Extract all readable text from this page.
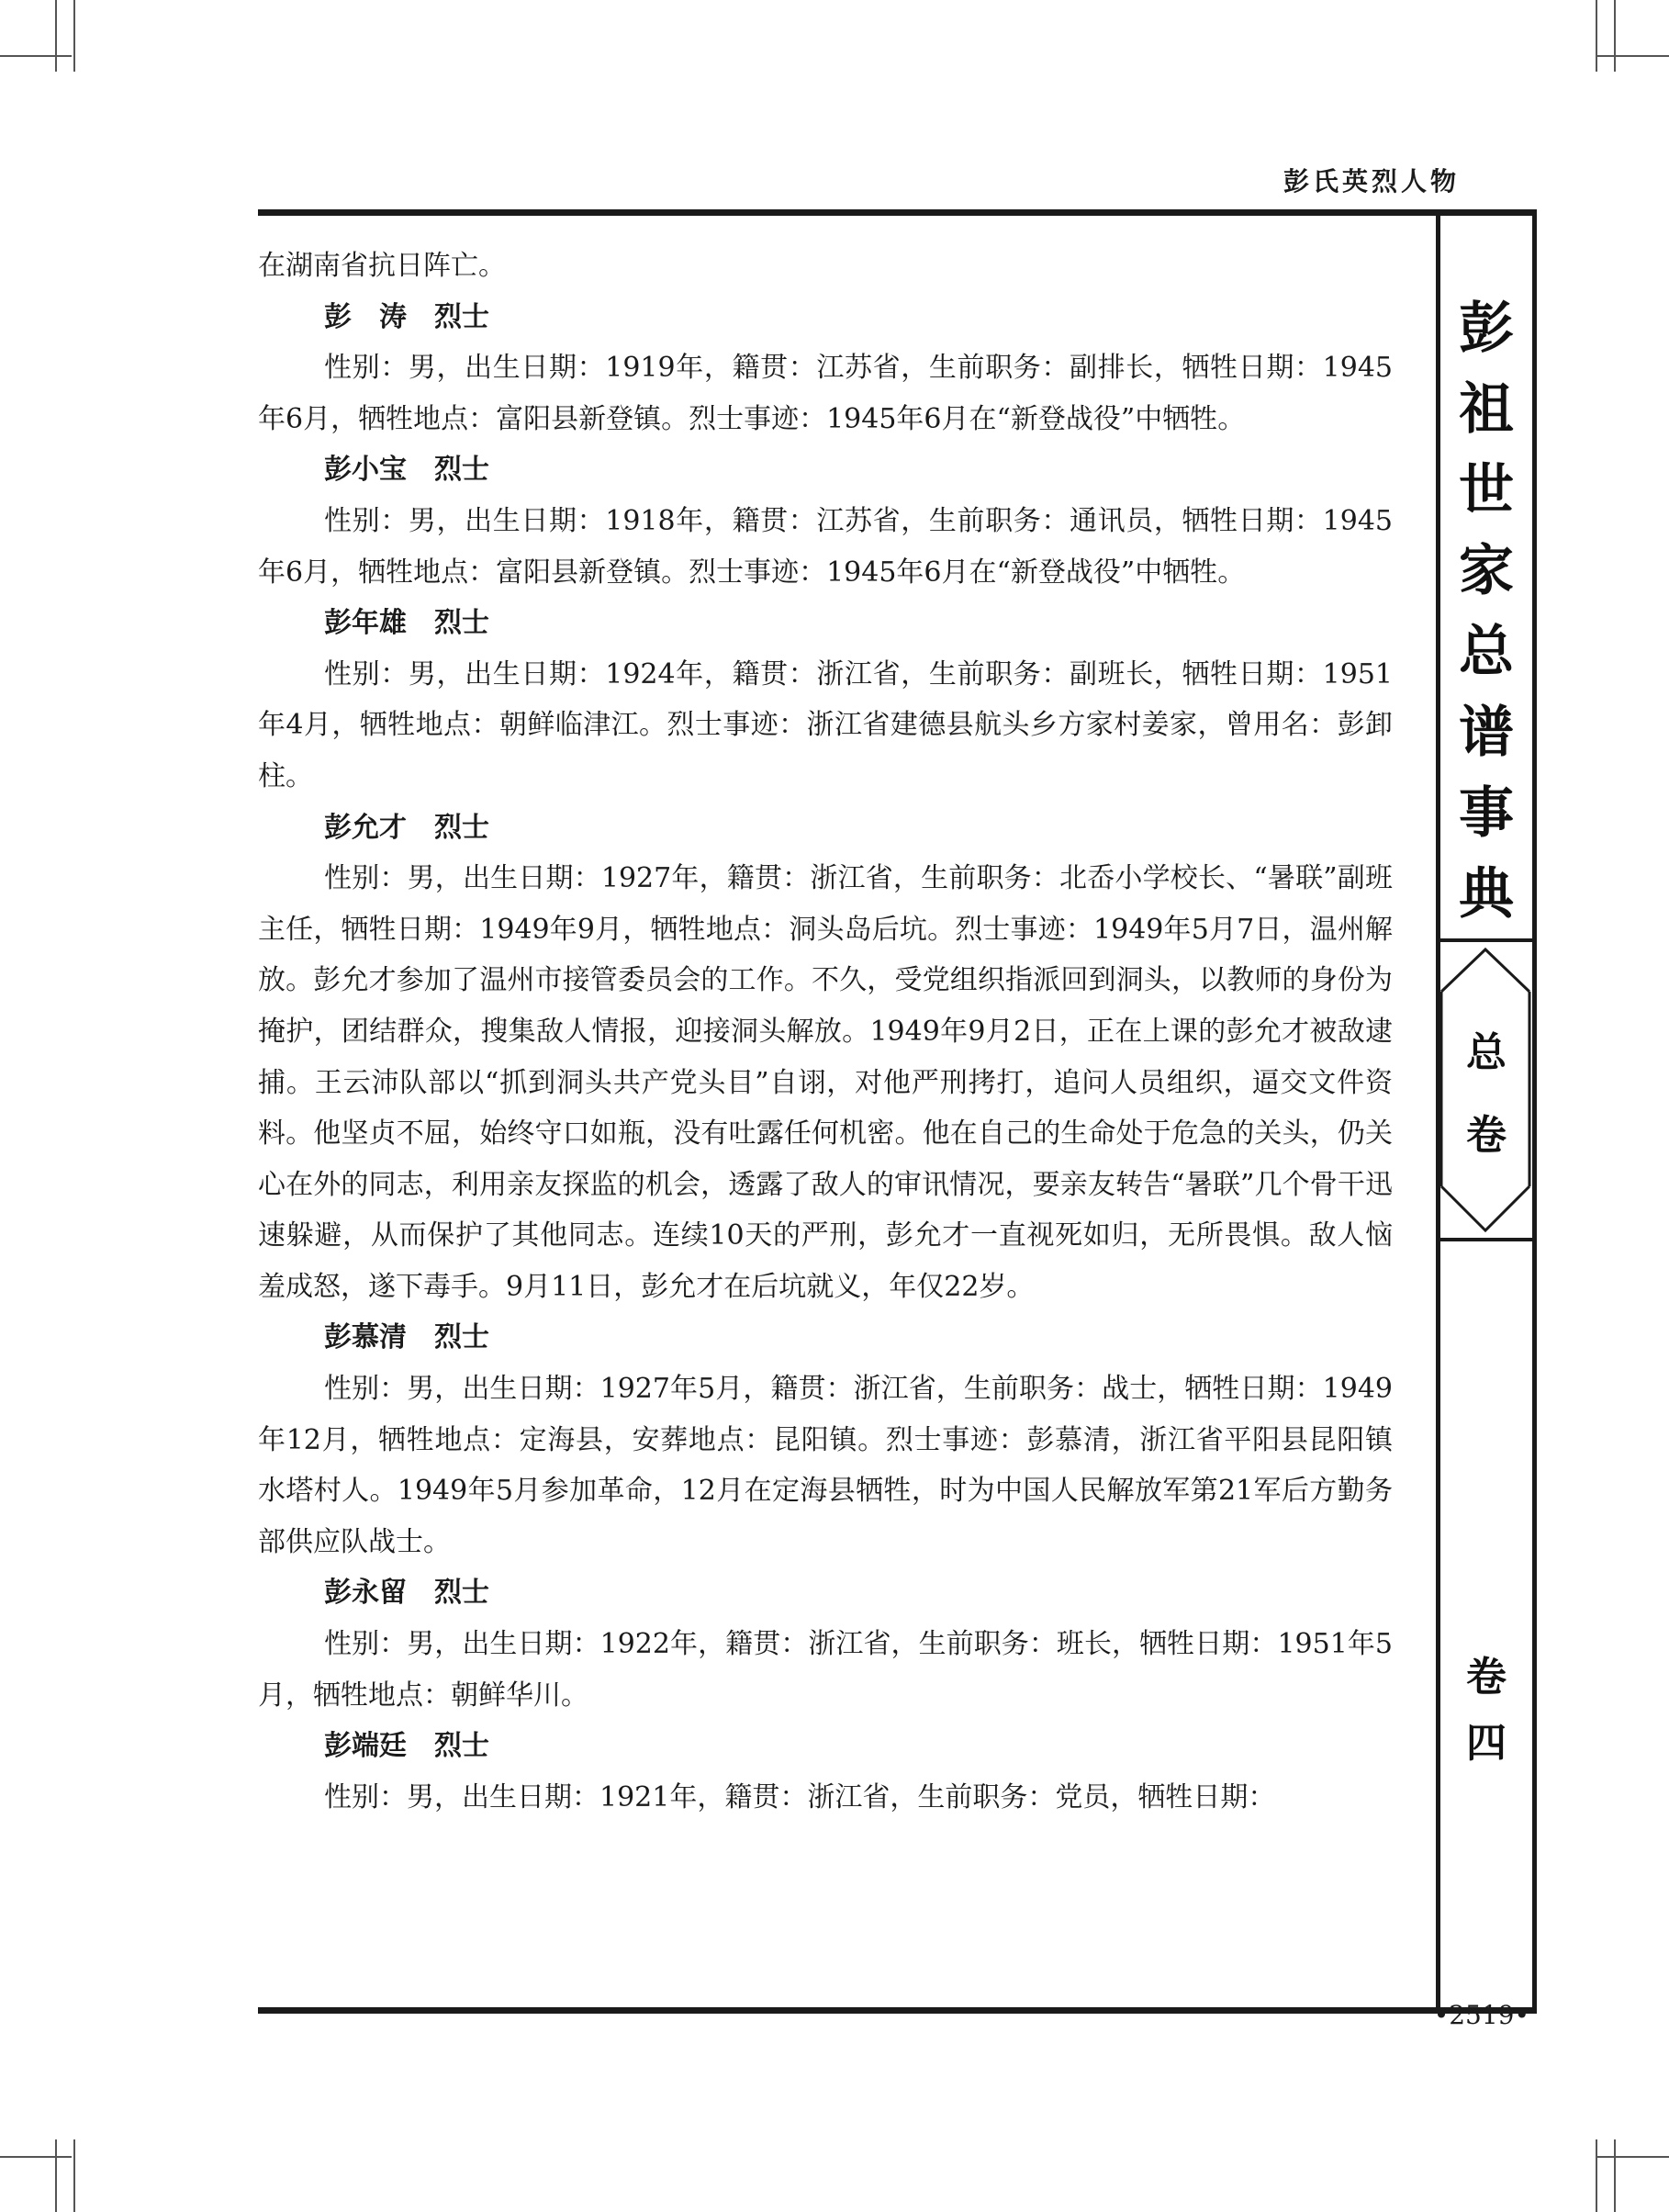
彭氏英烈人物
彭
祖
世
家
总
谱
事
典
总
卷
卷
四

在湖南省抗日阵亡。

彭　涛　烈士

性别：男，出生日期：1919年，籍贯：江苏省，生前职务：副排长，牺牲日期：1945年6月，牺牲地点：富阳县新登镇。烈士事迹：1945年6月在“新登战役”中牺牲。

彭小宝　烈士

性别：男，出生日期：1918年，籍贯：江苏省，生前职务：通讯员，牺牲日期：1945年6月，牺牲地点：富阳县新登镇。烈士事迹：1945年6月在“新登战役”中牺牲。

彭年雄　烈士

性别：男，出生日期：1924年，籍贯：浙江省，生前职务：副班长，牺牲日期：1951年4月，牺牲地点：朝鲜临津江。烈士事迹：浙江省建德县航头乡方家村姜家，曾用名：彭卸柱。

彭允才　烈士

性别：男，出生日期：1927年，籍贯：浙江省，生前职务：北岙小学校长、“暑联”副班主任，牺牲日期：1949年9月，牺牲地点：洞头岛后坑。烈士事迹：1949年5月7日，温州解放。彭允才参加了温州市接管委员会的工作。不久，受党组织指派回到洞头，以教师的身份为掩护，团结群众，搜集敌人情报，迎接洞头解放。1949年9月2日，正在上课的彭允才被敌逮捕。王云沛队部以“抓到洞头共产党头目”自诩，对他严刑拷打，追问人员组织，逼交文件资料。他坚贞不屈，始终守口如瓶，没有吐露任何机密。他在自己的生命处于危急的关头，仍关心在外的同志，利用亲友探监的机会，透露了敌人的审讯情况，要亲友转告“暑联”几个骨干迅速躲避，从而保护了其他同志。连续10天的严刑，彭允才一直视死如归，无所畏惧。敌人恼羞成怒，遂下毒手。9月11日，彭允才在后坑就义，年仅22岁。

彭慕清　烈士

性别：男，出生日期：1927年5月，籍贯：浙江省，生前职务：战士，牺牲日期：1949年12月，牺牲地点：定海县，安葬地点：昆阳镇。烈士事迹：彭慕清，浙江省平阳县昆阳镇水塔村人。1949年5月参加革命，12月在定海县牺牲，时为中国人民解放军第21军后方勤务部供应队战士。

彭永留　烈士

性别：男，出生日期：1922年，籍贯：浙江省，生前职务：班长，牺牲日期：1951年5月，牺牲地点：朝鲜华川。

彭端廷　烈士

性别：男，出生日期：1921年，籍贯：浙江省，生前职务：党员，牺牲日期：

•2519•
